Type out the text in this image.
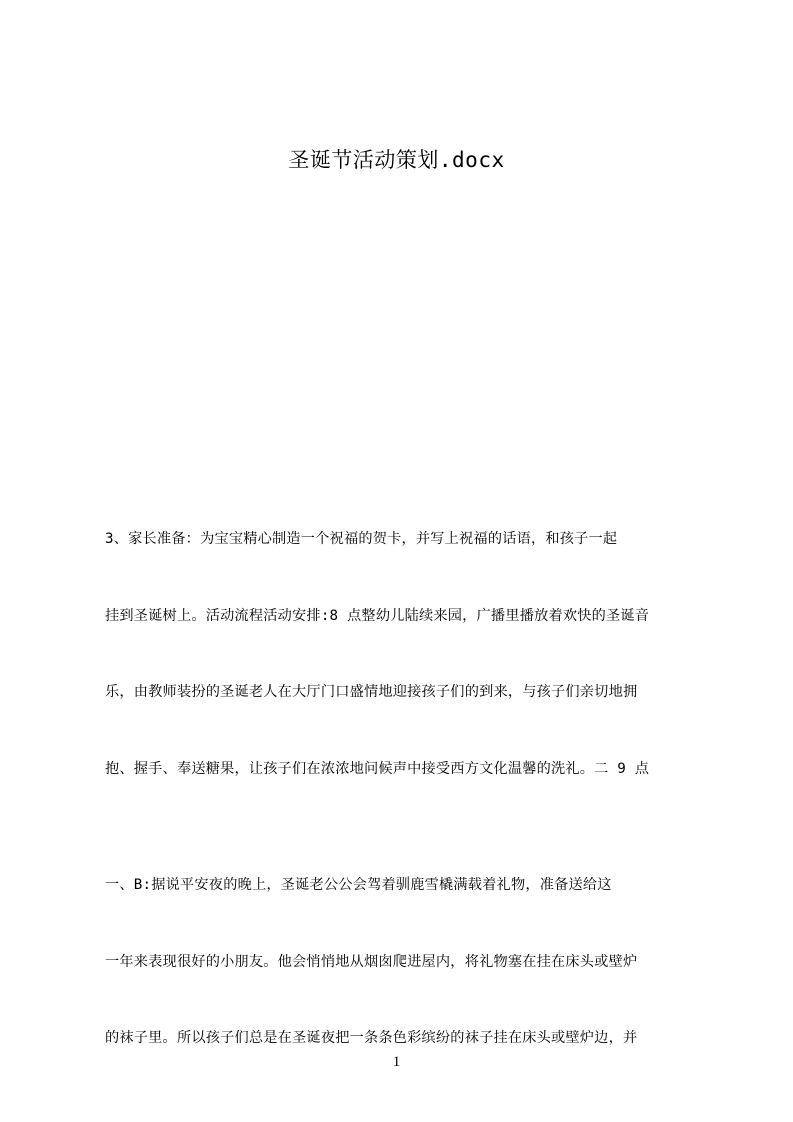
圣诞节活动策划.docx

3、家长准备：为宝宝精心制造一个祝福的贺卡，并写上祝福的话语，和孩子一起

挂到圣诞树上。活动流程活动安排:8 点整幼儿陆续来园，广播里播放着欢快的圣诞音

乐，由教师装扮的圣诞老人在大厅门口盛情地迎接孩子们的到来，与孩子们亲切地拥

抱、握手、奉送糖果，让孩子们在浓浓地问候声中接受西方文化温馨的洗礼。二 9 点

一、B:据说平安夜的晚上，圣诞老公公会驾着驯鹿雪橇满载着礼物，准备送给这

一年来表现很好的小朋友。他会悄悄地从烟囱爬进屋内，将礼物塞在挂在床头或壁炉

的袜子里。所以孩子们总是在圣诞夜把一条条色彩缤纷的袜子挂在床头或壁炉边，并

1
